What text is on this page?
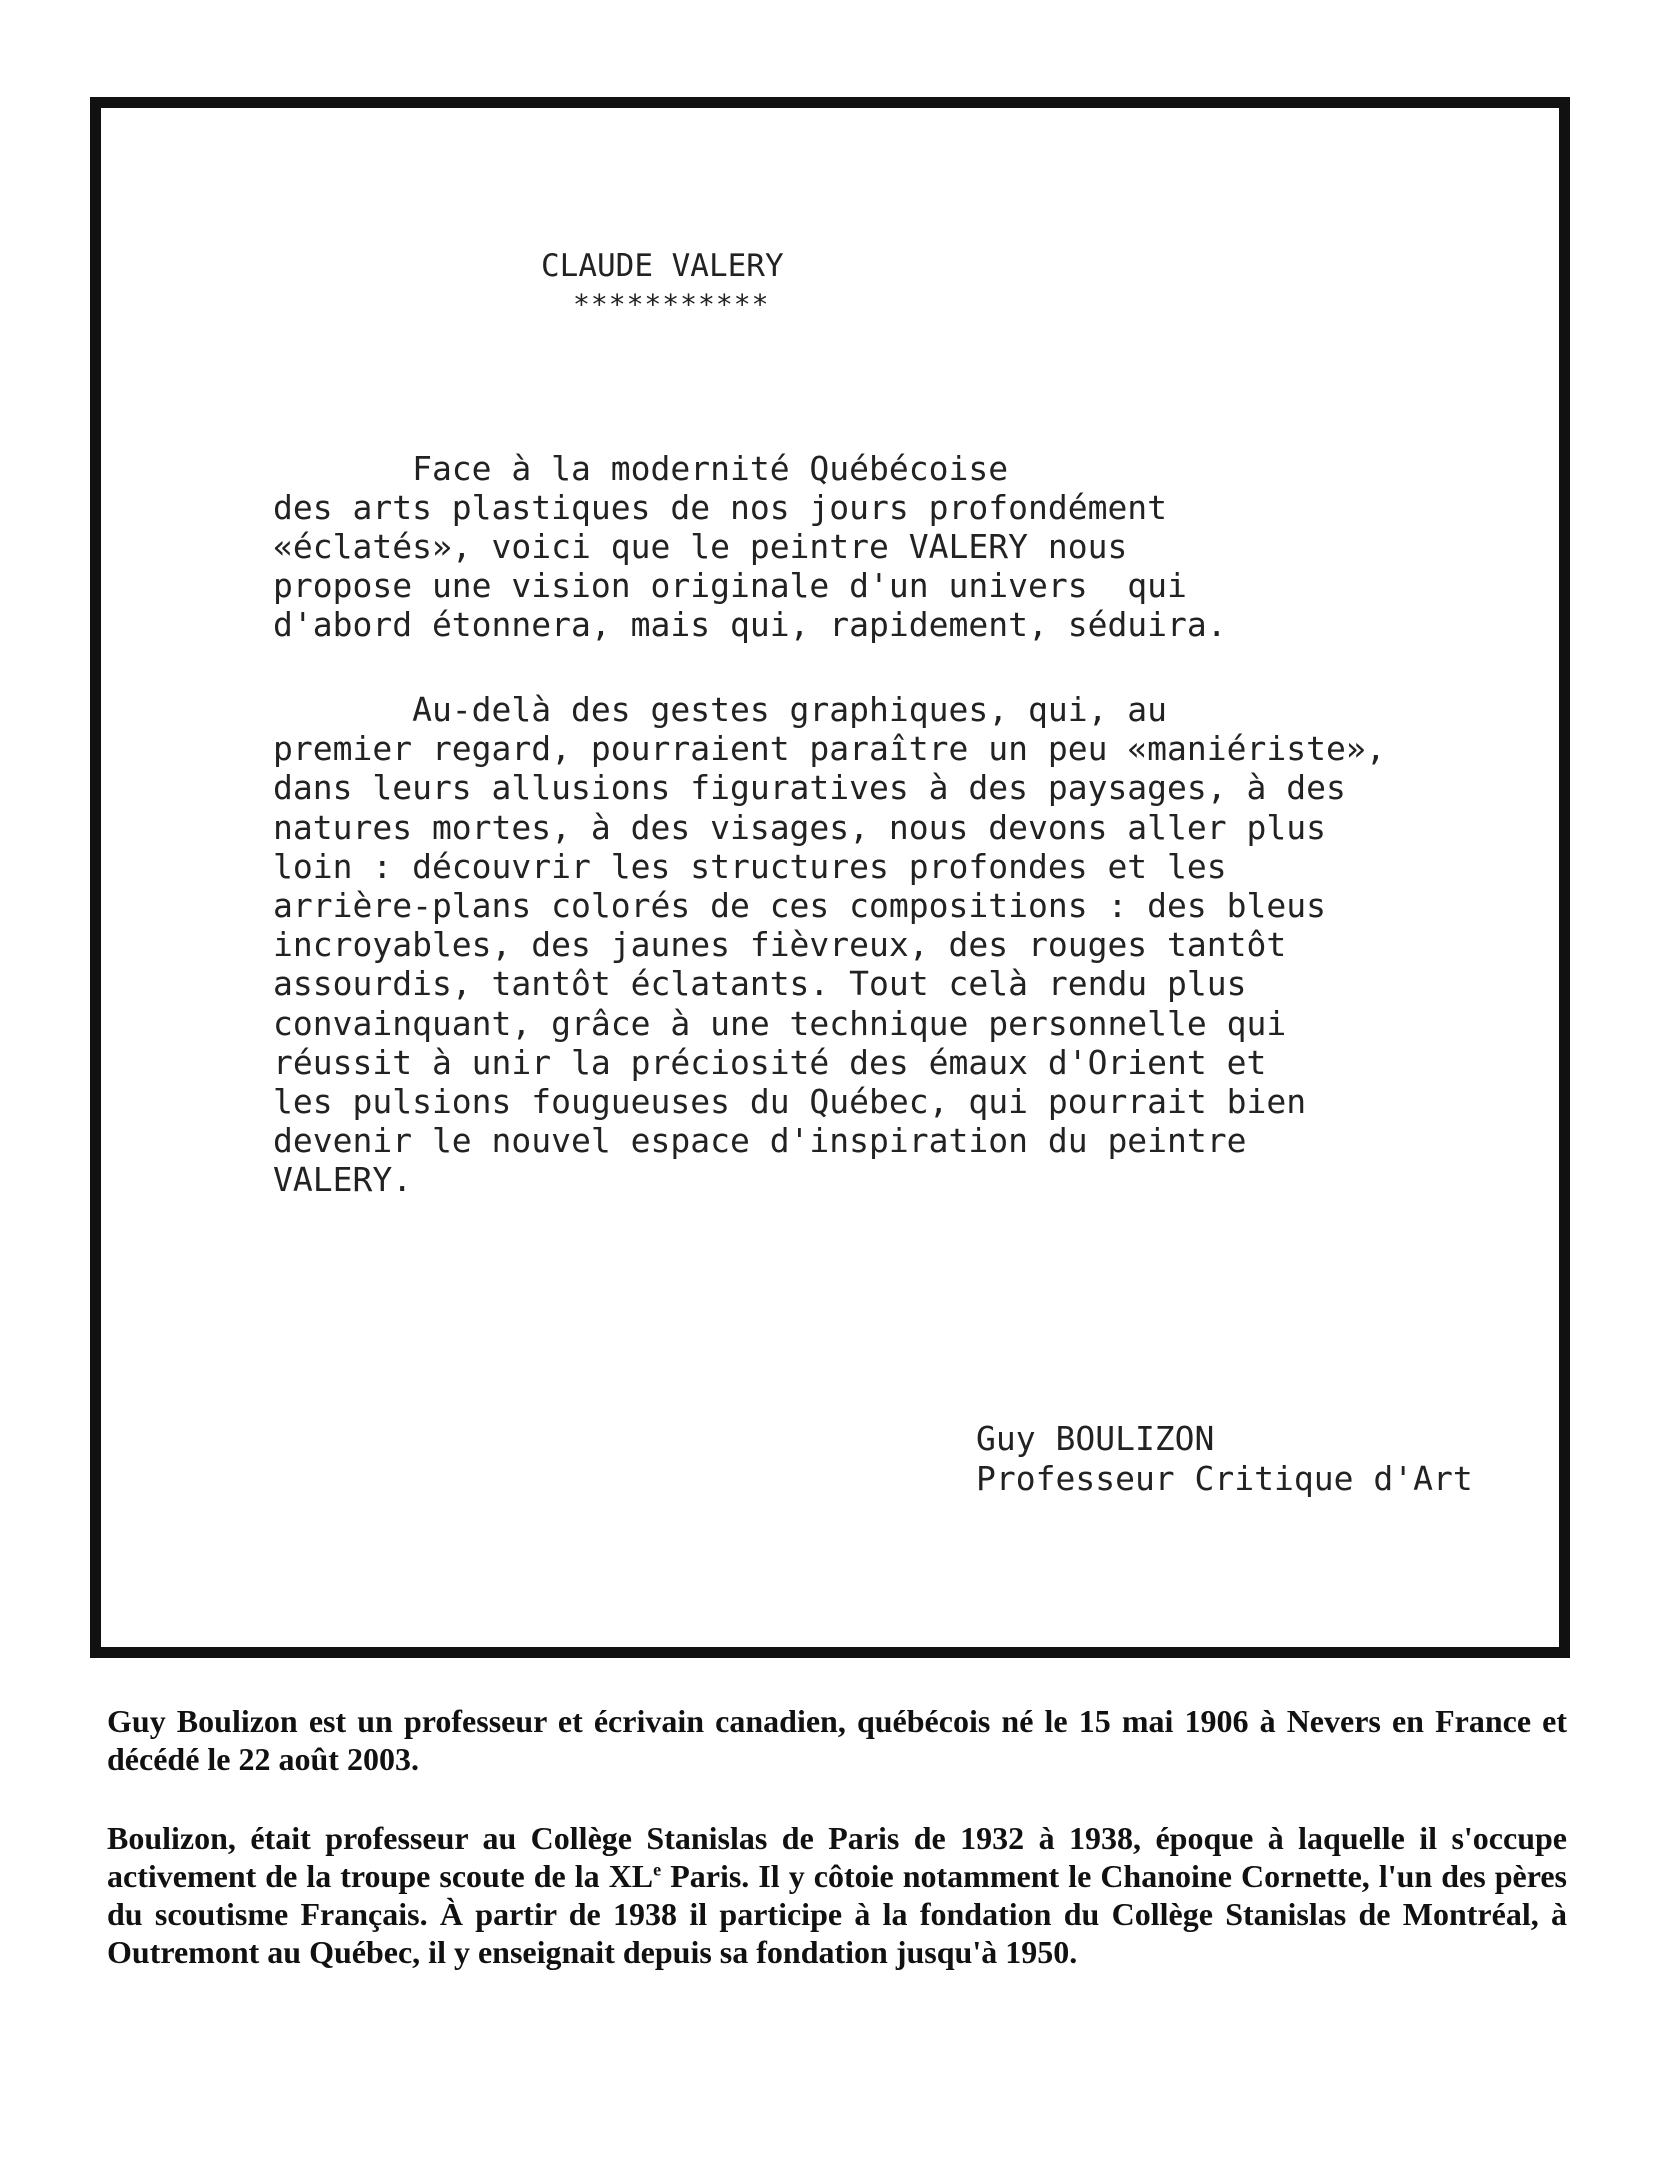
CLAUDE VALERY
***********
Face à la modernité Québécoise
des arts plastiques de nos jours profondément
«éclatés», voici que le peintre VALERY nous
propose une vision originale d'un univers  qui
d'abord étonnera, mais qui, rapidement, séduira.
Au-delà des gestes graphiques, qui, au
premier regard, pourraient paraître un peu «maniériste»,
dans leurs allusions figuratives à des paysages, à des
natures mortes, à des visages, nous devons aller plus
loin : découvrir les structures profondes et les
arrière-plans colorés de ces compositions : des bleus
incroyables, des jaunes fièvreux, des rouges tantôt
assourdis, tantôt éclatants. Tout celà rendu plus
convainquant, grâce à une technique personnelle qui
réussit à unir la préciosité des émaux d'Orient et
les pulsions fougueuses du Québec, qui pourrait bien
devenir le nouvel espace d'inspiration du peintre
VALERY.
Guy BOULIZON
Professeur Critique d'Art

Guy Boulizon est un professeur et écrivain canadien, québécois né le 15 mai 1906 à Nevers en France et décédé le 22 août 2003.

Boulizon, était professeur au Collège Stanislas de Paris de 1932 à 1938, époque à laquelle il s'occupe activement de la troupe scoute de la XLe Paris. Il y côtoie notamment le Chanoine Cornette, l'un des pères du scoutisme Français. À partir de 1938 il participe à la fondation du Collège Stanislas de Montréal, à Outremont au Québec, il y enseignait depuis sa fondation jusqu'à 1950.
